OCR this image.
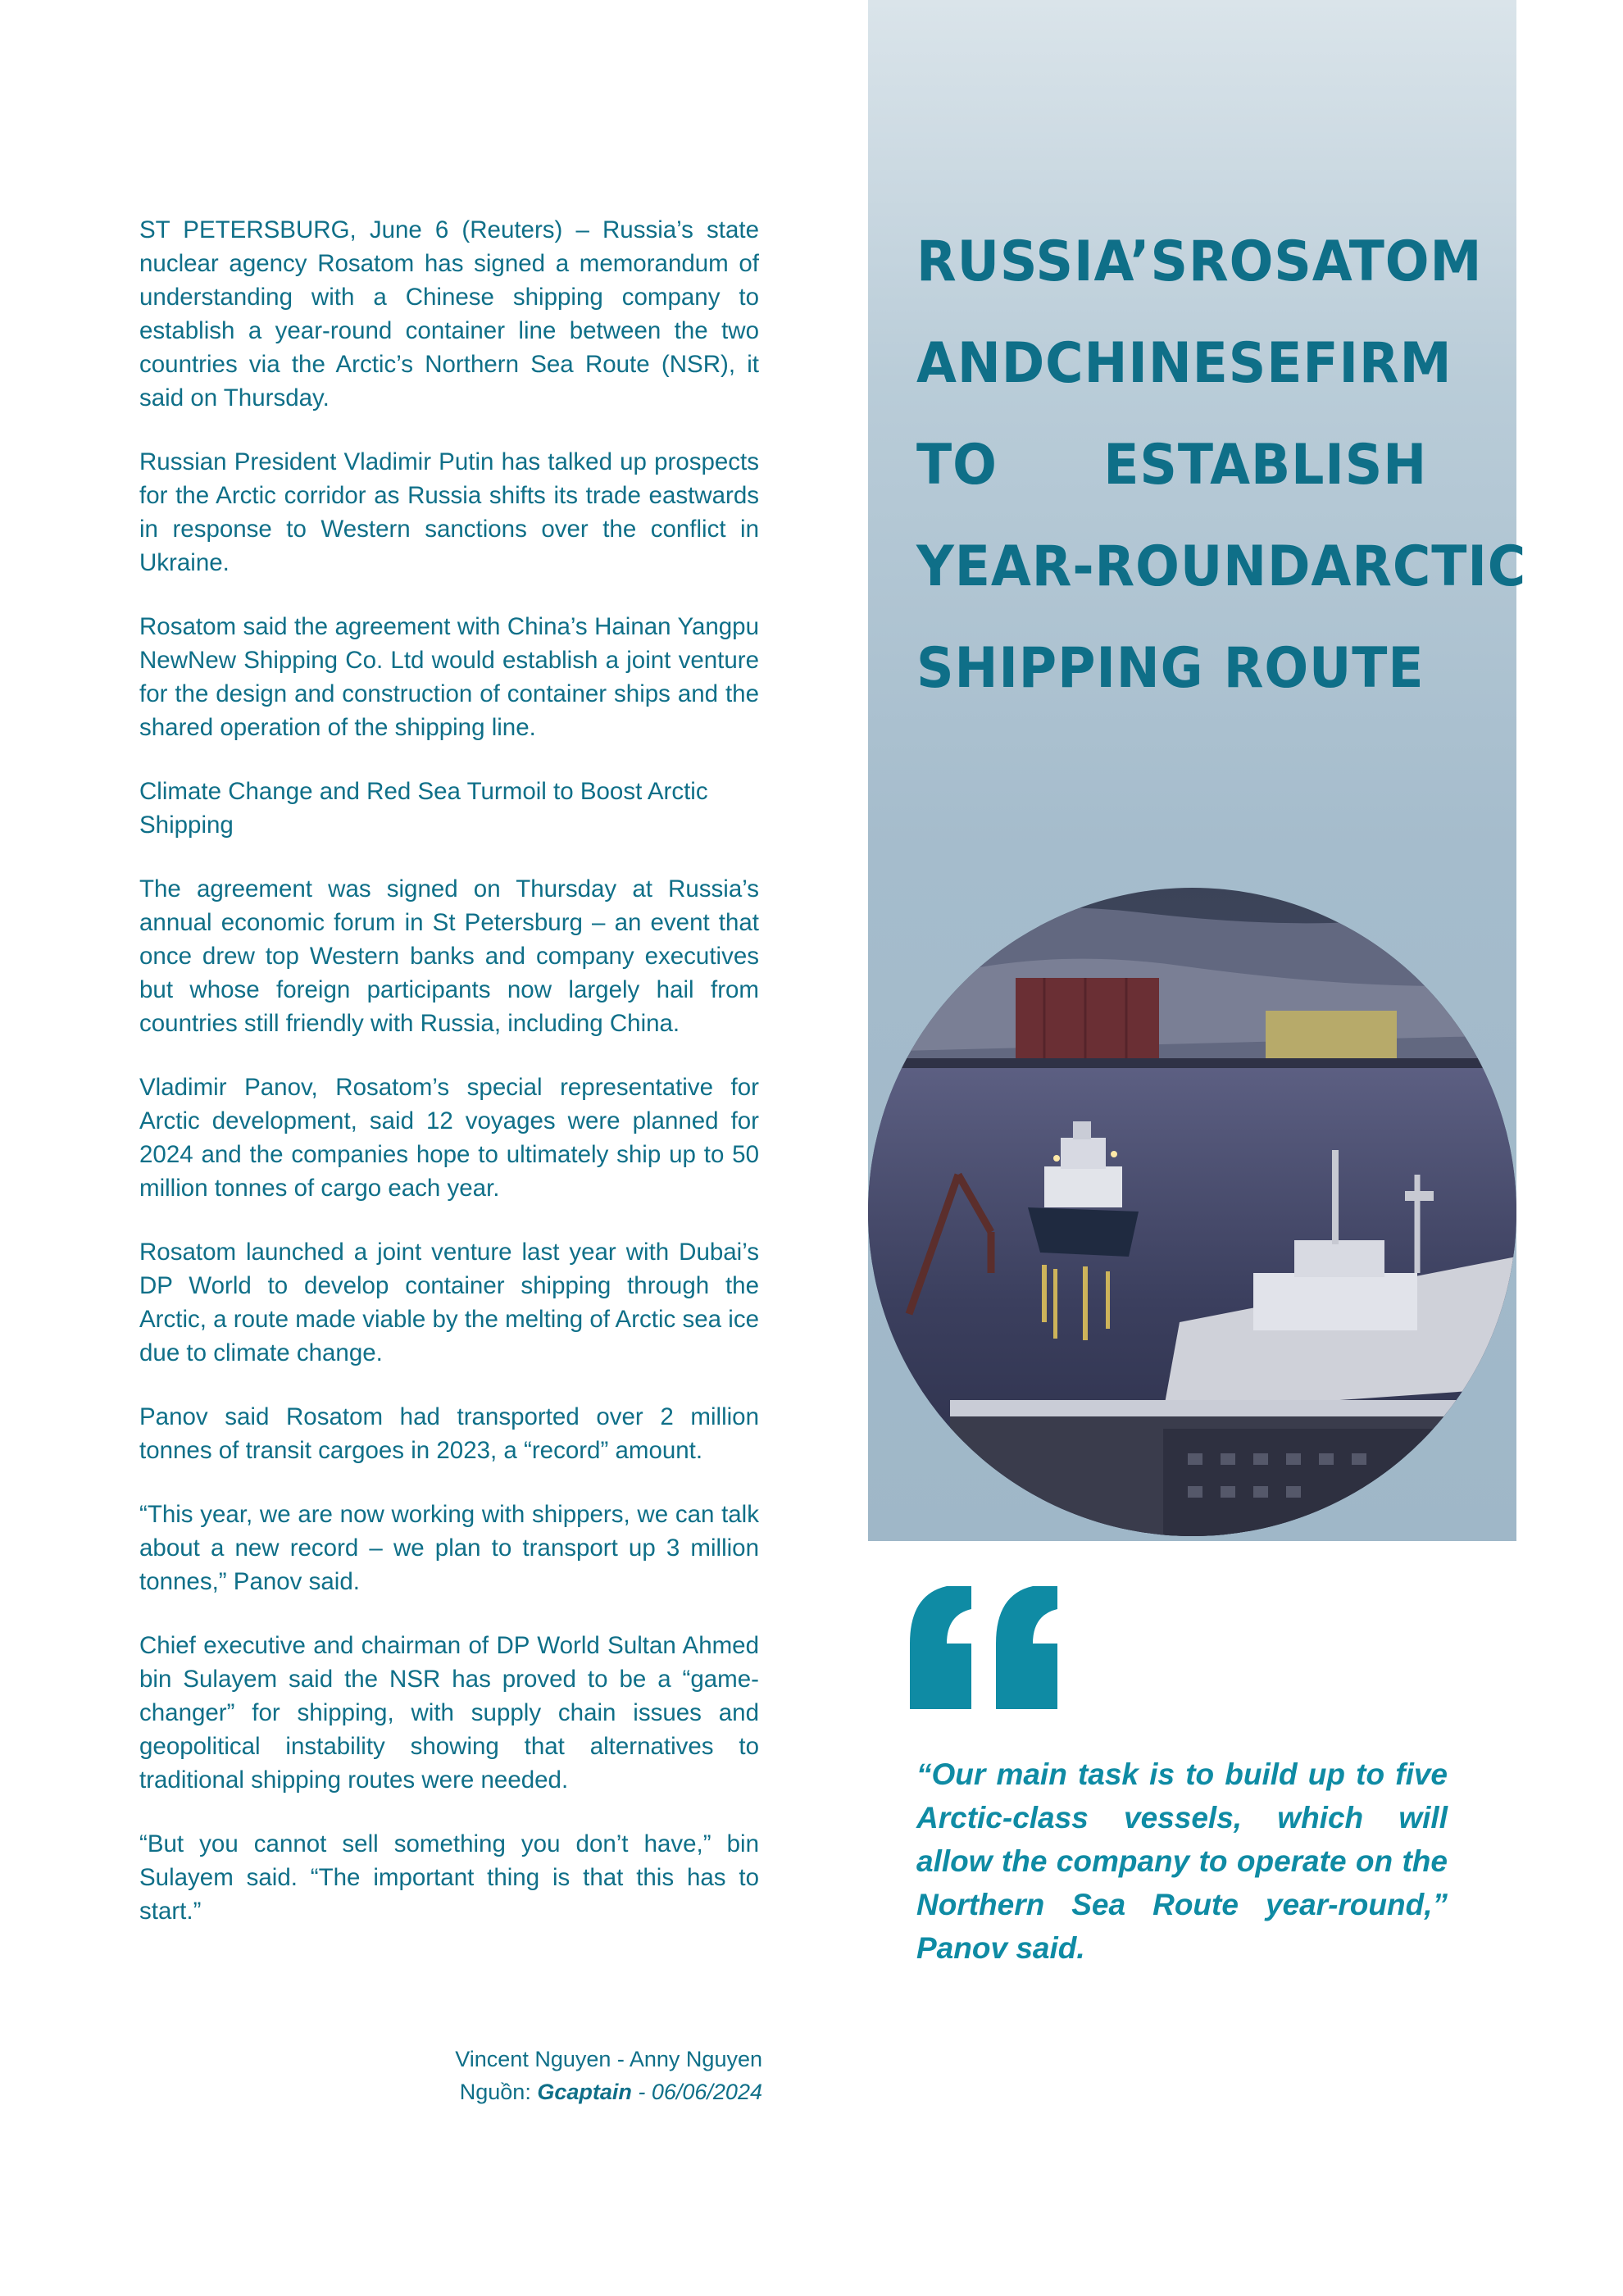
ST PETERSBURG, June 6 (Reuters) – Russia’s state nuclear agency Rosatom has signed a memorandum of understanding with a Chinese shipping company to establish a year-round container line between the two countries via the Arctic’s Northern Sea Route (NSR), it said on Thursday.

Russian President Vladimir Putin has talked up prospects for the Arctic corridor as Russia shifts its trade eastwards in response to Western sanctions over the conflict in Ukraine.

Rosatom said the agreement with China’s Hainan Yangpu NewNew Shipping Co. Ltd would establish a joint venture for the design and construction of container ships and the shared operation of the shipping line.

Climate Change and Red Sea Turmoil to Boost Arctic Shipping

The agreement was signed on Thursday at Russia’s annual economic forum in St Petersburg – an event that once drew top Western banks and company executives but whose foreign participants now largely hail from countries still friendly with Russia, including China.

Vladimir Panov, Rosatom’s special representative for Arctic development, said 12 voyages were planned for 2024 and the companies hope to ultimately ship up to 50 million tonnes of cargo each year.

Rosatom launched a joint venture last year with Dubai’s DP World to develop container shipping through the Arctic, a route made viable by the melting of Arctic sea ice due to climate change.

Panov said Rosatom had transported over 2 million tonnes of transit cargoes in 2023, a “record” amount.

“This year, we are now working with shippers, we can talk about a new record – we plan to transport up 3 million tonnes,” Panov said.

Chief executive and chairman of DP World Sultan Ahmed bin Sulayem said the NSR has proved to be a “game-changer” for shipping, with supply chain issues and geopolitical instability showing that alternatives to traditional shipping routes were needed.

“But you cannot sell something you don’t have,” bin Sulayem said. “The important thing is that this has to start.”

Vincent Nguyen - Anny Nguyen
Nguồn: Gcaptain - 06/06/2024
RUSSIA’S ROSATOM
AND CHINESE FIRM
TO ESTABLISH
YEAR-ROUND ARCTIC
SHIPPING ROUTE

“Our main task is to build up to five Arctic-class vessels, which will allow the company to operate on the Northern Sea Route year-round,” Panov said.
